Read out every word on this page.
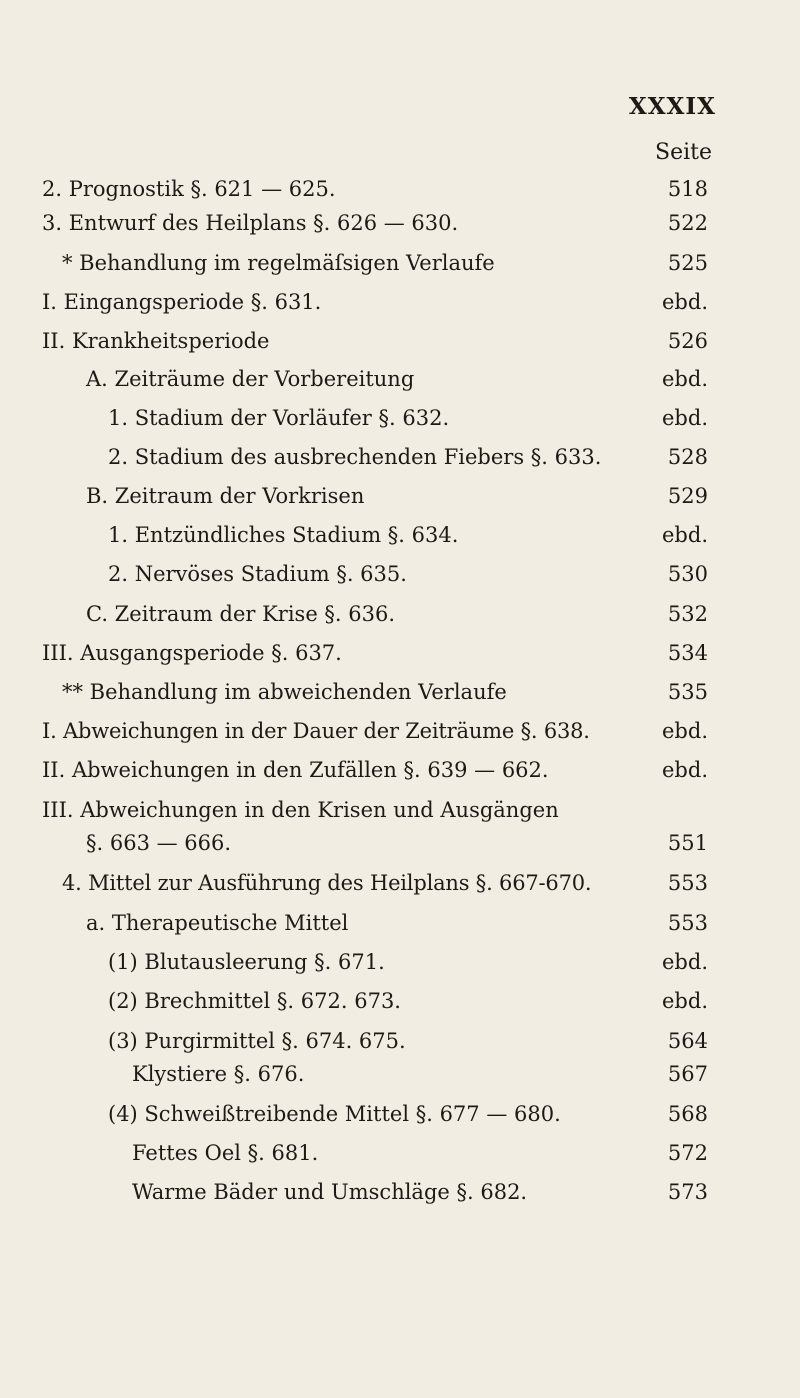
XXXIX
Seite
2. Prognostik §. 621 — 625.	518
3. Entwurf des Heilplans §. 626 — 630.	522
* Behandlung im regelmäſsigen Verlaufe	525
I. Eingangsperiode §. 631.	ebd.
II. Krankheitsperiode	526
A. Zeiträume der Vorbereitung	ebd.
1. Stadium der Vorläufer §. 632.	ebd.
2. Stadium des ausbrechenden Fiebers §. 633.	528
B. Zeitraum der Vorkrisen	529
1. Entzündliches Stadium §. 634.	ebd.
2. Nervöses Stadium §. 635.	530
C. Zeitraum der Krise §. 636.	532
III. Ausgangsperiode §. 637.	534
** Behandlung im abweichenden Verlaufe	535
I. Abweichungen in der Dauer der Zeiträume §. 638.	ebd.
II. Abweichungen in den Zufällen §. 639 — 662.	ebd.
III. Abweichungen in den Krisen und Ausgängen
§. 663 — 666.	551
4. Mittel zur Ausführung des Heilplans §. 667-670.	553
a. Therapeutische Mittel	553
(1) Blutausleerung §. 671.	ebd.
(2) Brechmittel §. 672. 673.	ebd.
(3) Purgirmittel §. 674. 675.	564
Klystiere §. 676.	567
(4) Schweißtreibende Mittel §. 677 — 680.	568
Fettes Oel §. 681.	572
Warme Bäder und Umschläge §. 682.	573
